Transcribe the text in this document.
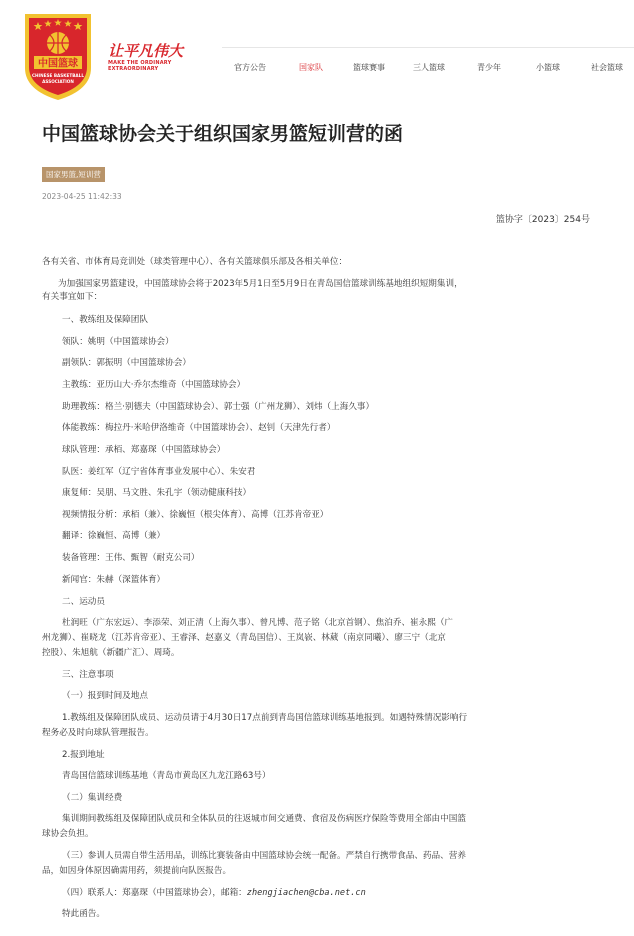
中国篮球
CHINESE BASKETBALL
ASSOCIATION
让平凡伟大
MAKE THE ORDINARY
EXTRAORDINARY	官方公告	国家队	篮球赛事	三人篮球	青少年	小篮球	社会篮球
中国篮球协会关于组织国家男篮短训营的函
国家男篮,短训营
2023-04-25 11:42:33
篮协字〔2023〕254号
各有关省、市体育局竞训处（球类管理中心）、各有关篮球俱乐部及各相关单位：
为加强国家男篮建设，中国篮球协会将于2023年5月1日至5月9日在青岛国信篮球训练基地组织短期集训，
有关事宜如下：
一、教练组及保障团队
领队：姚明（中国篮球协会）
副领队：郭振明（中国篮球协会）
主教练：亚历山大·乔尔杰维奇（中国篮球协会）
助理教练：格兰·别德夫（中国篮球协会）、郭士强（广州龙狮）、刘炜（上海久事）
体能教练：梅拉丹·米哈伊洛维奇（中国篮球协会）、赵钊（天津先行者）
球队管理：承栢、郑嘉琛（中国篮球协会）
队医：姜红军（辽宁省体育事业发展中心）、朱安君
康复师：吴朋、马文胜、朱孔宇（领动健康科技）
视频情报分析：承栢（兼）、徐巍恒（根尖体育）、高博（江苏肯帝亚）
翻译：徐巍恒、高博（兼）
装备管理：王伟、甄智（耐克公司）
新闻官：朱赫（深篮体育）
二、运动员
杜润旺（广东宏远）、李添荣、刘正清（上海久事）、曾凡博、范子铭（北京首钢）、焦泊乔、崔永熙（广
州龙狮）、崔晓龙（江苏肯帝亚）、王睿泽、赵嘉义（青岛国信）、王岚嵚、林葳（南京同曦）、廖三宁（北京
控股）、朱旭航（新疆广汇）、周琦。
三、注意事项
（一）报到时间及地点
1.教练组及保障团队成员、运动员请于4月30日17点前到青岛国信篮球训练基地报到。如遇特殊情况影响行
程务必及时向球队管理报告。
2.报到地址
青岛国信篮球训练基地（青岛市黄岛区九龙江路63号）
（二）集训经费
集训期间教练组及保障团队成员和全体队员的往返城市间交通费、食宿及伤病医疗保险等费用全部由中国篮
球协会负担。
（三）参训人员需自带生活用品，训练比赛装备由中国篮球协会统一配备。严禁自行携带食品、药品、营养
品，如因身体原因确需用药，须提前向队医报告。
（四）联系人：郑嘉琛（中国篮球协会），邮箱：zhengjiachen@cba.net.cn
特此函告。
